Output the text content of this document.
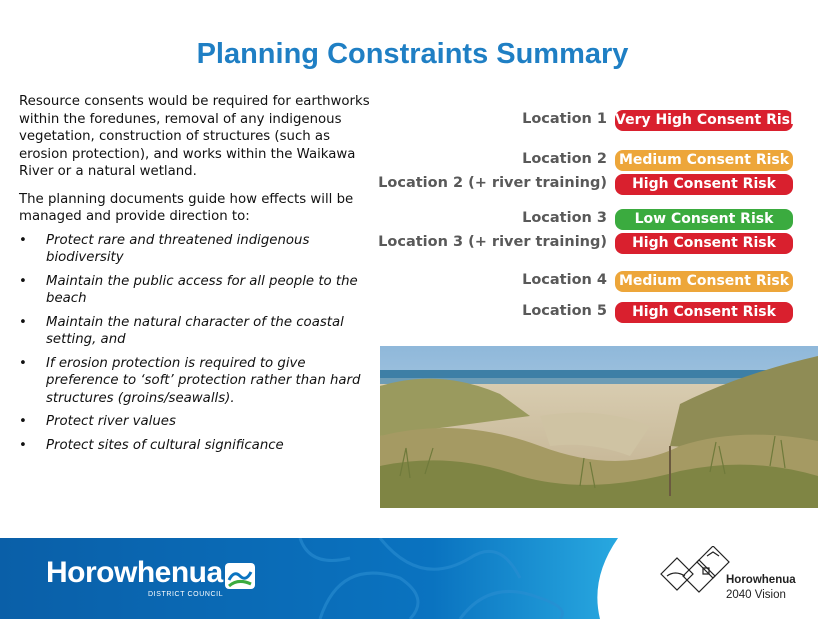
Planning Constraints Summary

Resource consents would be required for earthworks within the foredunes, removal of any indigenous vegetation, construction of structures (such as erosion protection), and works within the Waikawa River or a natural wetland.

The planning documents guide how effects will be managed and provide direction to:

• Protect rare and threatened indigenous biodiversity
• Maintain the public access for all people to the beach
• Maintain the natural character of the coastal setting, and
• If erosion protection is required to give preference to ‘soft’ protection rather than hard structures (groins/seawalls).
• Protect river values
• Protect sites of cultural significance
Location 1 Very High Consent Risk
Location 2 Medium Consent Risk
Location 2 (+ river training)	High Consent Risk
Location 3	Low Consent Risk
Location 3 (+ river training)	High Consent Risk
Location 4 Medium Consent Risk
Location 5	High Consent Risk
Horowhenua
DISTRICT COUNCIL
Horowhenua
2040 Vision
